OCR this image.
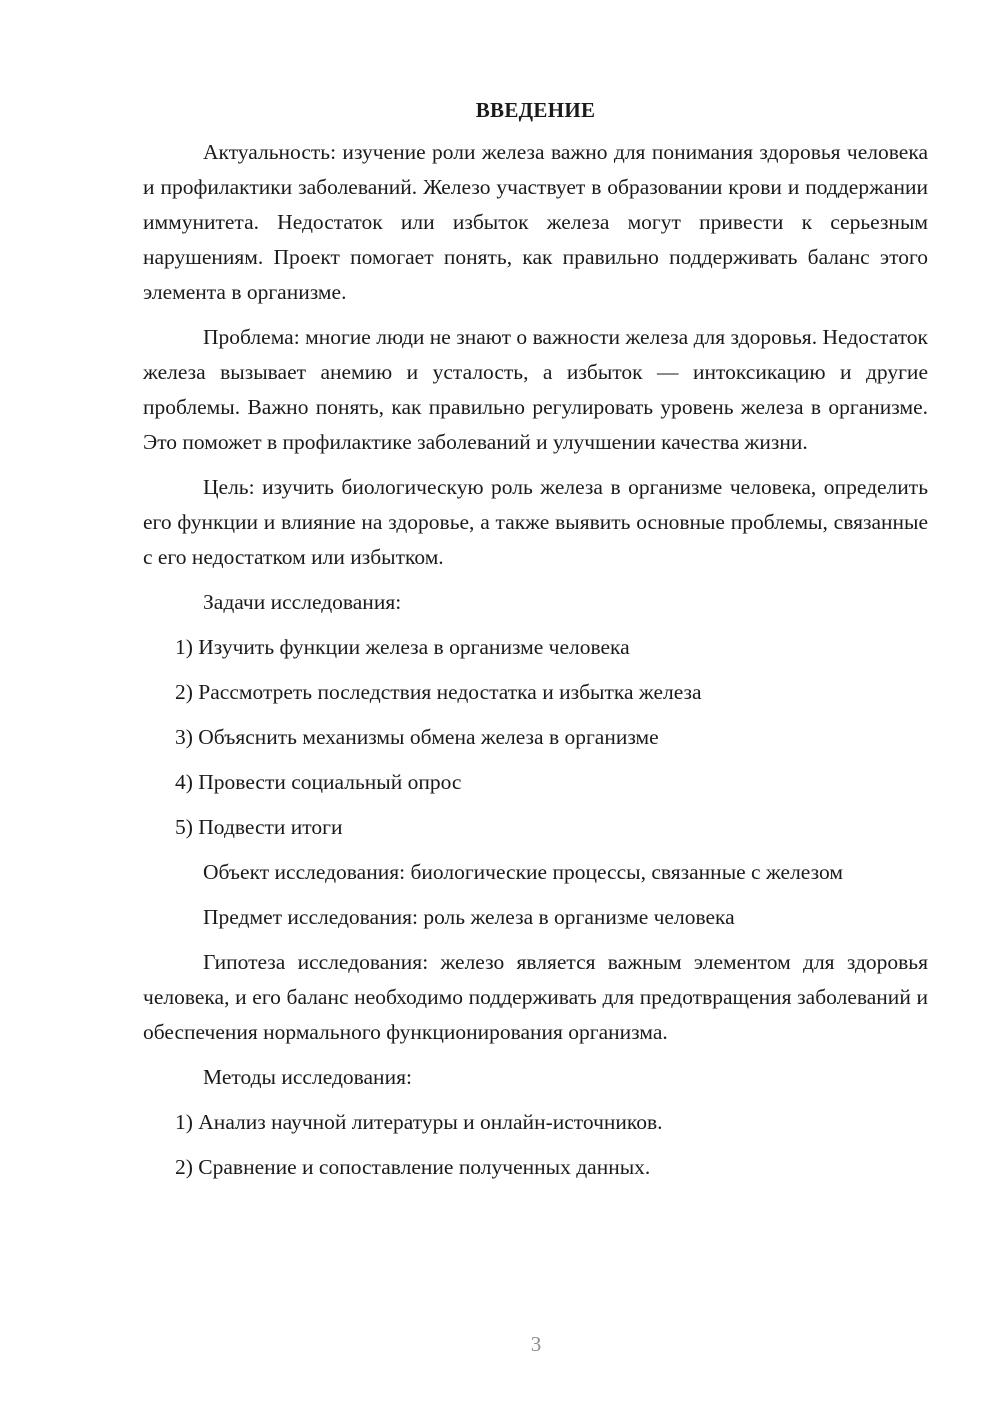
ВВЕДЕНИЕ

Актуальность: изучение роли железа важно для понимания здоровья человека и профилактики заболеваний. Железо участвует в образовании крови и поддержании иммунитета. Недостаток или избыток железа могут привести к серьезным нарушениям. Проект помогает понять, как правильно поддерживать баланс этого элемента в организме.

Проблема: многие люди не знают о важности железа для здоровья. Недостаток железа вызывает анемию и усталость, а избыток — интоксикацию и другие проблемы. Важно понять, как правильно регулировать уровень железа в организме. Это поможет в профилактике заболеваний и улучшении качества жизни.

Цель: изучить биологическую роль железа в организме человека, определить его функции и влияние на здоровье, а также выявить основные проблемы, связанные с его недостатком или избытком.

Задачи исследования:

1) Изучить функции железа в организме человека

2) Рассмотреть последствия недостатка и избытка железа

3) Объяснить механизмы обмена железа в организме

4) Провести социальный опрос

5) Подвести итоги

Объект исследования: биологические процессы, связанные с железом

Предмет исследования: роль железа в организме человека

Гипотеза исследования: железо является важным элементом для здоровья человека, и его баланс необходимо поддерживать для предотвращения заболеваний и обеспечения нормального функционирования организма.

Методы исследования:

1) Анализ научной литературы и онлайн-источников.

2) Сравнение и сопоставление полученных данных.

3
